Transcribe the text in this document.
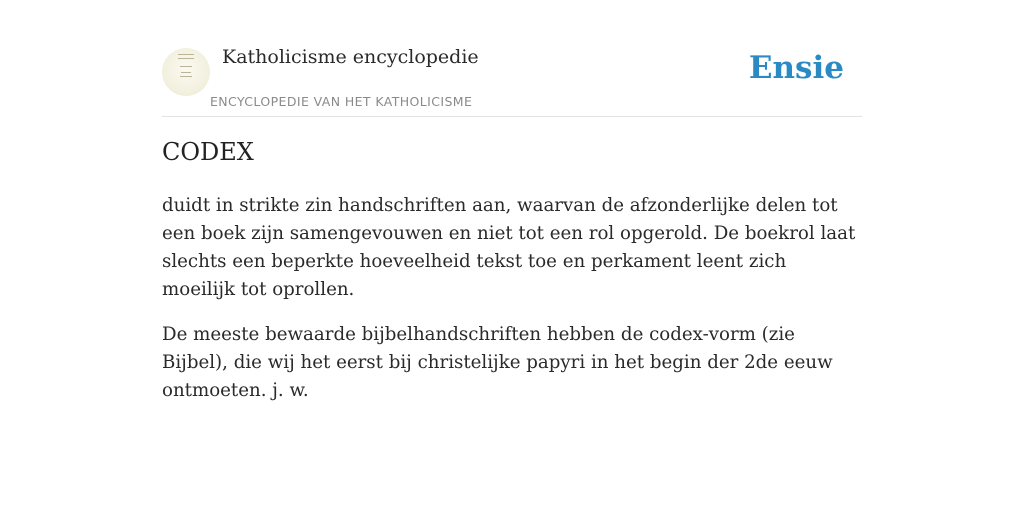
Katholicisme encyclopedie
ENCYCLOPEDIE VAN HET KATHOLICISME
Ensie
CODEX

duidt in strikte zin handschriften aan, waarvan de afzonderlijke delen tot een boek zijn samengevouwen en niet tot een rol opgerold. De boekrol laat slechts een beperkte hoeveelheid tekst toe en perkament leent zich moeilijk tot oprollen.

De meeste bewaarde bijbelhandschriften hebben de codex-vorm (zie Bijbel), die wij het eerst bij christelijke papyri in het begin der 2de eeuw ontmoeten. j. w.
